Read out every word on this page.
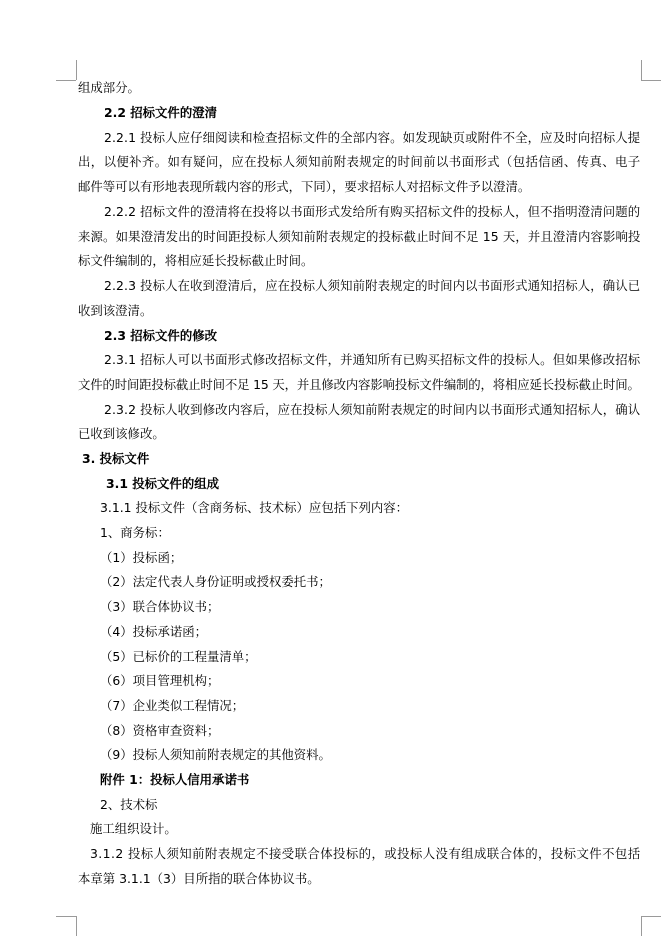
组成部分。
2.2 招标文件的澄清
2.2.1 投标人应仔细阅读和检查招标文件的全部内容。如发现缺页或附件不全，应及时向招标人提
出，以便补齐。如有疑问，应在投标人须知前附表规定的时间前以书面形式（包括信函、传真、电子
邮件等可以有形地表现所载内容的形式，下同），要求招标人对招标文件予以澄清。
2.2.2 招标文件的澄清将在投将以书面形式发给所有购买招标文件的投标人，但不指明澄清问题的
来源。如果澄清发出的时间距投标人须知前附表规定的投标截止时间不足 15 天，并且澄清内容影响投
标文件编制的，将相应延长投标截止时间。
2.2.3 投标人在收到澄清后，应在投标人须知前附表规定的时间内以书面形式通知招标人，确认已
收到该澄清。
2.3 招标文件的修改
2.3.1 招标人可以书面形式修改招标文件，并通知所有已购买招标文件的投标人。但如果修改招标
文件的时间距投标截止时间不足 15 天，并且修改内容影响投标文件编制的，将相应延长投标截止时间。
2.3.2 投标人收到修改内容后，应在投标人须知前附表规定的时间内以书面形式通知招标人，确认
已收到该修改。
3. 投标文件
3.1 投标文件的组成
3.1.1 投标文件（含商务标、技术标）应包括下列内容：
1、商务标：
（1）投标函；
（2）法定代表人身份证明或授权委托书；
（3）联合体协议书；
（4）投标承诺函；
（5）已标价的工程量清单；
（6）项目管理机构；
（7）企业类似工程情况；
（8）资格审查资料；
（9）投标人须知前附表规定的其他资料。
附件 1：投标人信用承诺书
2、技术标
施工组织设计。
3.1.2 投标人须知前附表规定不接受联合体投标的，或投标人没有组成联合体的，投标文件不包括
本章第 3.1.1（3）目所指的联合体协议书。
